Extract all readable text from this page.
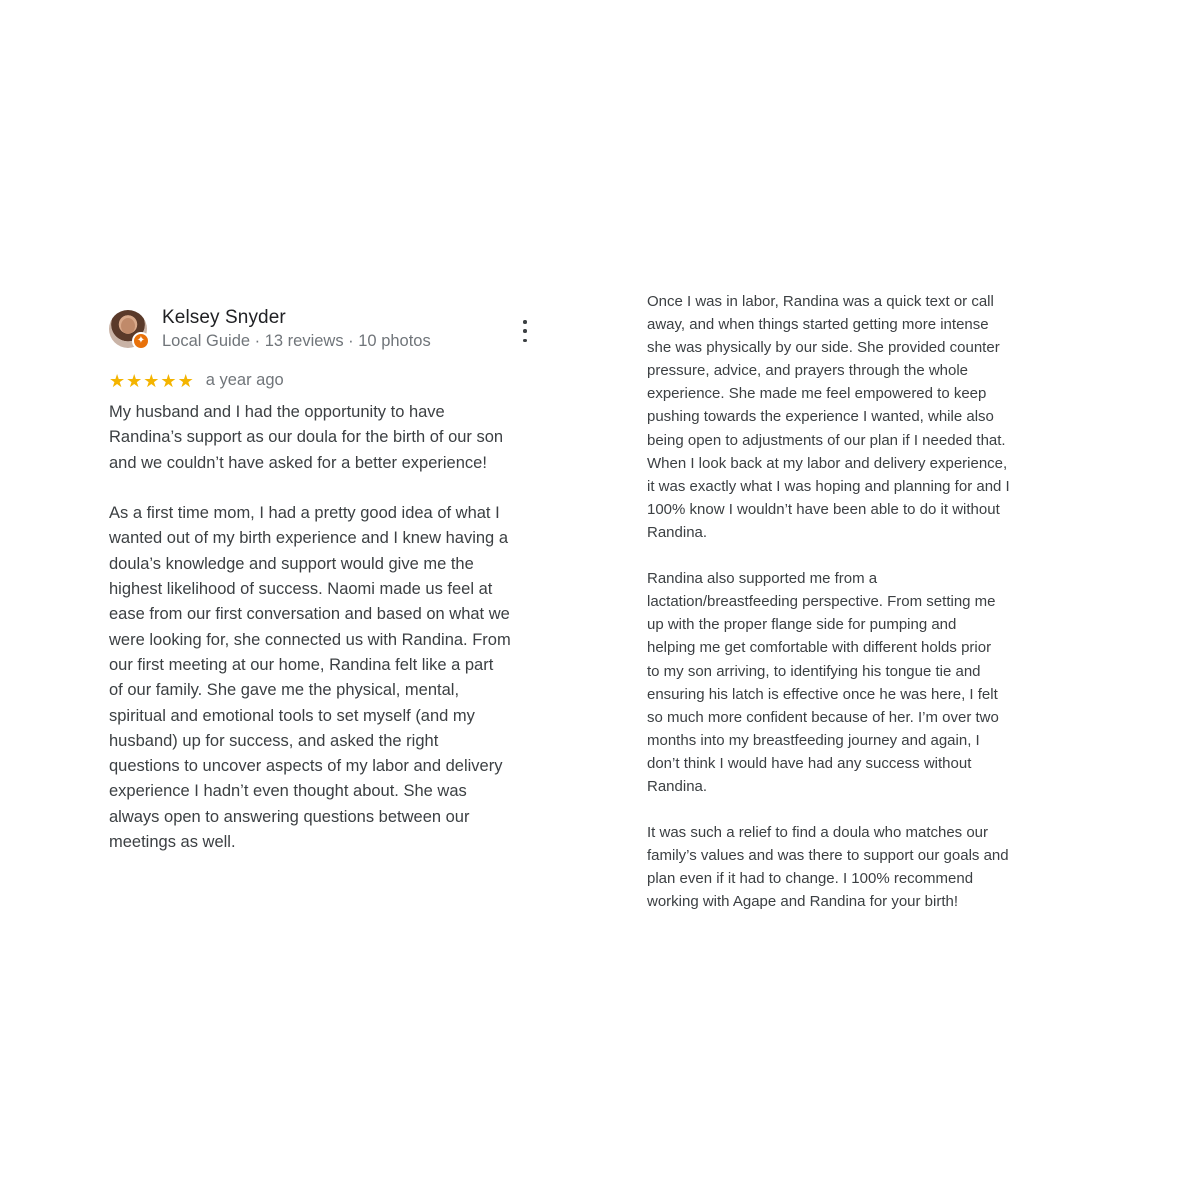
✦
Kelsey Snyder
Local Guide · 13 reviews · 10 photos
★ ★ ★ ★ ★ a year ago
My husband and I had the opportunity to have
Randina’s support as our doula for the birth of our son
and we couldn’t have asked for a better experience!

As a first time mom, I had a pretty good idea of what I
wanted out of my birth experience and I knew having a
doula’s knowledge and support would give me the
highest likelihood of success. Naomi made us feel at
ease from our first conversation and based on what we
were looking for, she connected us with Randina. From
our first meeting at our home, Randina felt like a part
of our family. She gave me the physical, mental,
spiritual and emotional tools to set myself (and my
husband) up for success, and asked the right
questions to uncover aspects of my labor and delivery
experience I hadn’t even thought about. She was
always open to answering questions between our
meetings as well.
Once I was in labor, Randina was a quick text or call
away, and when things started getting more intense
she was physically by our side. She provided counter
pressure, advice, and prayers through the whole
experience. She made me feel empowered to keep
pushing towards the experience I wanted, while also
being open to adjustments of our plan if I needed that.
When I look back at my labor and delivery experience,
it was exactly what I was hoping and planning for and I
100% know I wouldn’t have been able to do it without
Randina.

Randina also supported me from a
lactation/breastfeeding perspective. From setting me
up with the proper flange side for pumping and
helping me get comfortable with different holds prior
to my son arriving, to identifying his tongue tie and
ensuring his latch is effective once he was here, I felt
so much more confident because of her. I’m over two
months into my breastfeeding journey and again, I
don’t think I would have had any success without
Randina.

It was such a relief to find a doula who matches our
family’s values and was there to support our goals and
plan even if it had to change. I 100% recommend
working with Agape and Randina for your birth!
